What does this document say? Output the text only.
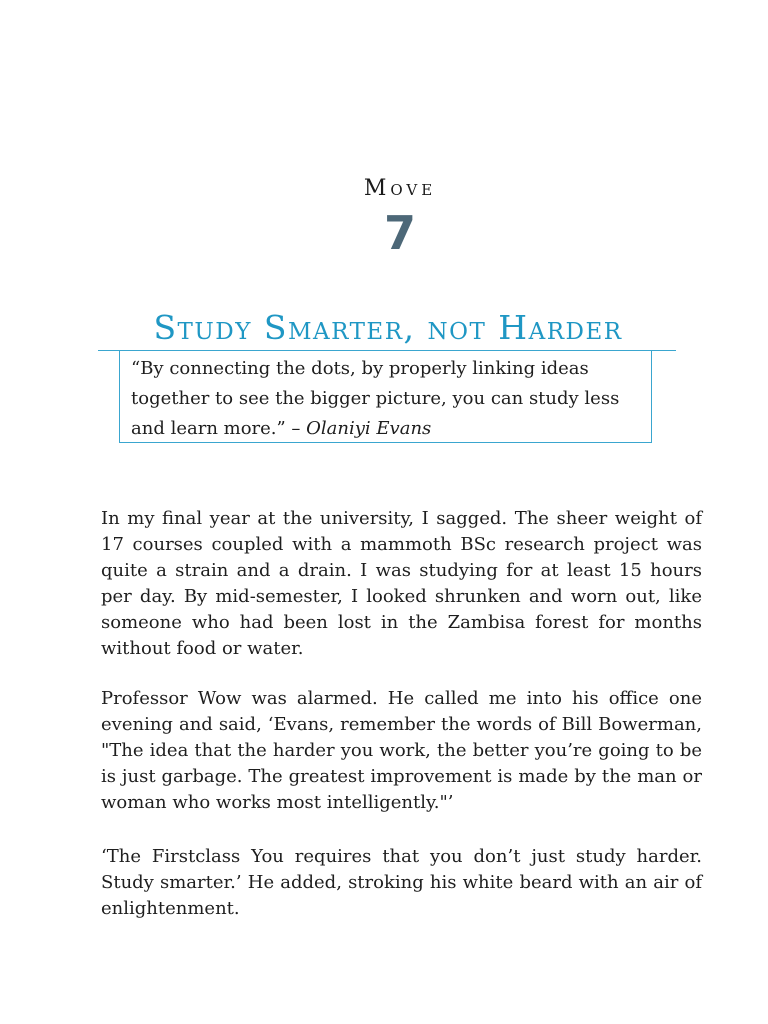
Move
7
Study Smarter, not Harder
“By connecting the dots, by properly linking ideas together to see the bigger picture, you can study less and learn more.” – Olaniyi Evans

In my final year at the university, I sagged. The sheer weight of 17 courses coupled with a mammoth BSc research project was quite a strain and a drain. I was studying for at least 15 hours per day. By mid-semester, I looked shrunken and worn out, like someone who had been lost in the Zambisa forest for months without food or water.

Professor Wow was alarmed. He called me into his office one evening and said, ‘Evans, remember the words of Bill Bowerman, "The idea that the harder you work, the better you’re going to be is just garbage. The greatest improvement is made by the man or woman who works most intelligently."’

‘The Firstclass You requires that you don’t just study harder. Study smarter.’ He added, stroking his white beard with an air of enlightenment.
